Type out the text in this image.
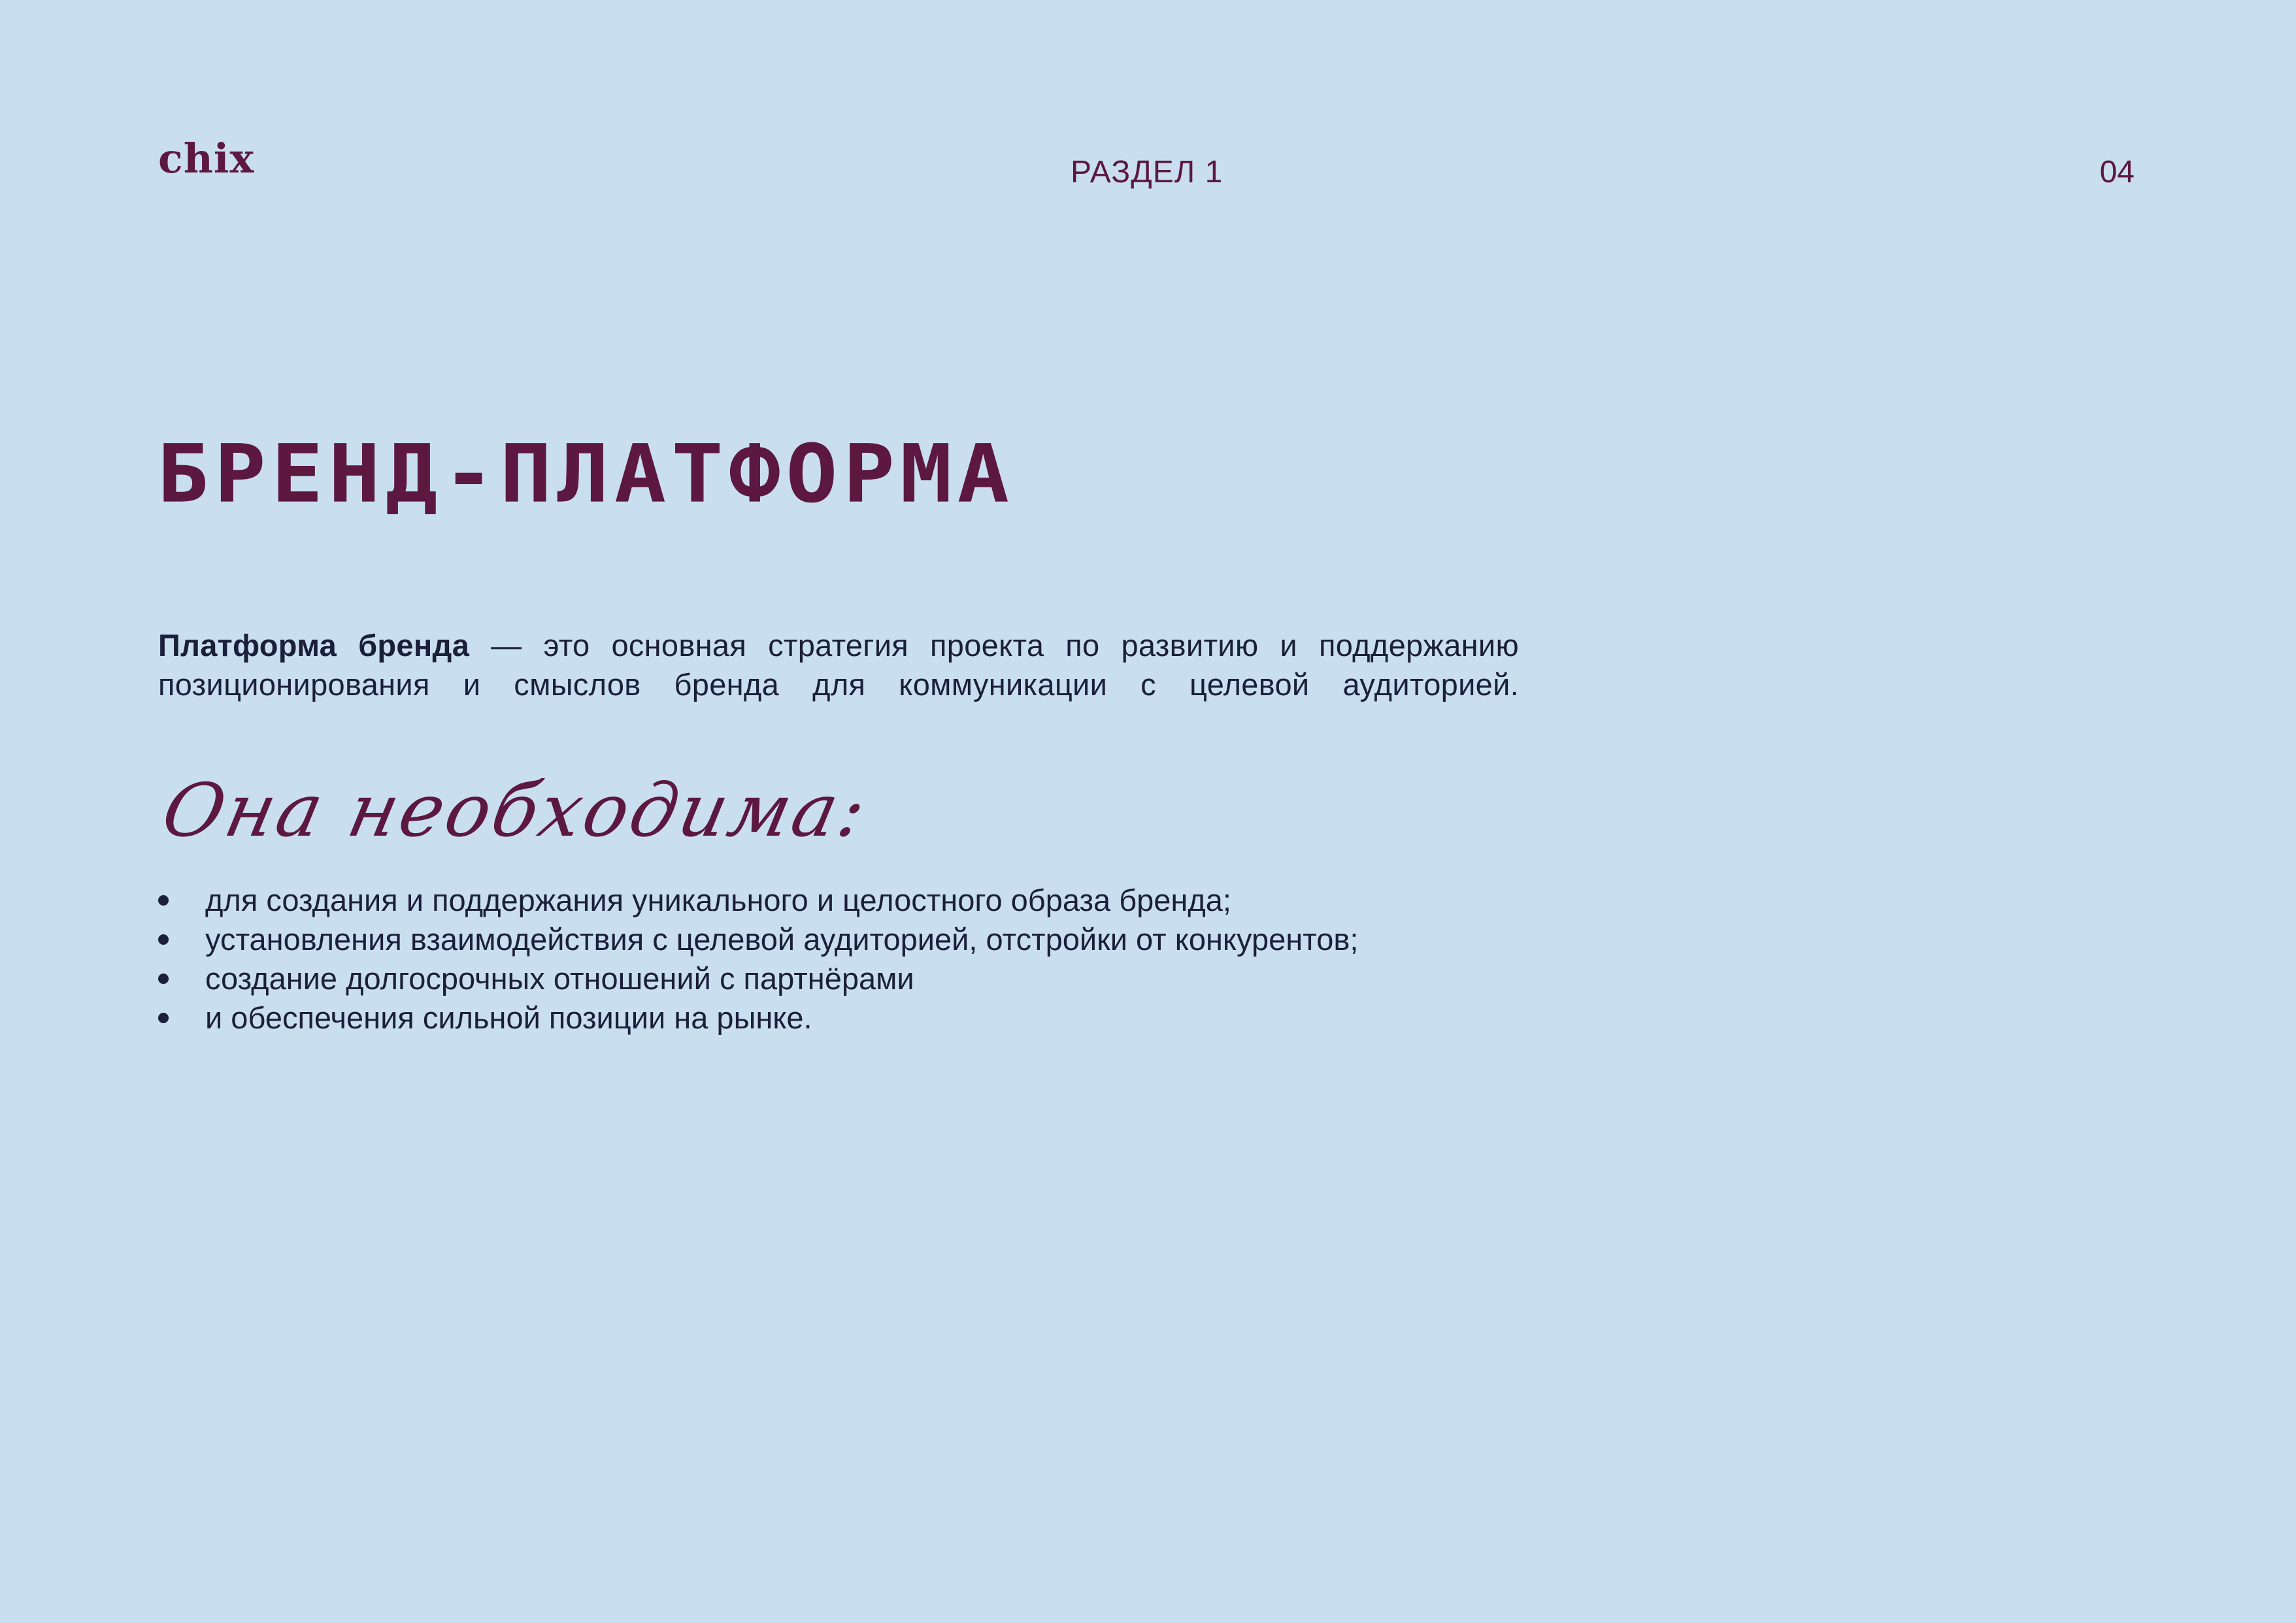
chix	РАЗДЕЛ 1	04
БРЕНД-ПЛАТФОРМА
Платформа бренда — это основная стратегия проекта по развитию и поддержанию
позиционирования и смыслов бренда для коммуникации с целевой аудиторией.
Она необходима:
для создания и поддержания уникального и целостного образа бренда;
установления взаимодействия с целевой аудиторией, отстройки от конкурентов;
создание долгосрочных отношений с партнёрами
и обеспечения сильной позиции на рынке.
